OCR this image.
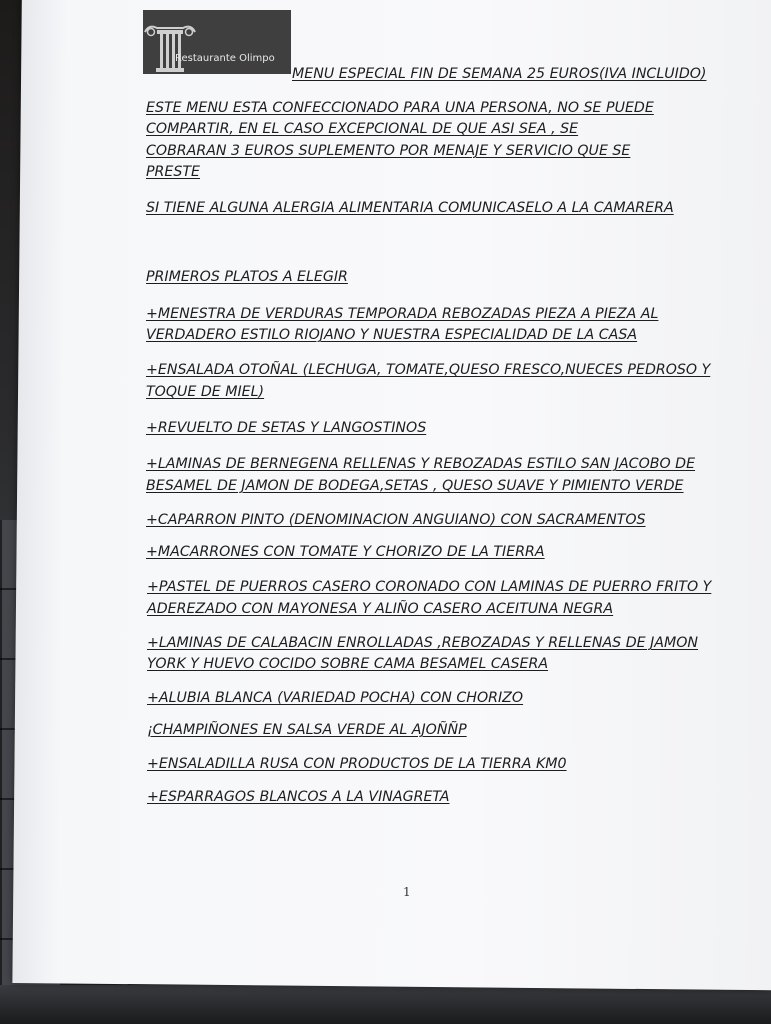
Restaurante Olimpo

MENU ESPECIAL FIN DE SEMANA 25 EUROS(IVA INCLUIDO)

ESTE MENU ESTA CONFECCIONADO PARA UNA PERSONA, NO SE PUEDE

COMPARTIR, EN EL CASO EXCEPCIONAL DE QUE ASI SEA , SE

COBRARAN 3 EUROS SUPLEMENTO POR MENAJE Y SERVICIO QUE SE

PRESTE

SI TIENE ALGUNA ALERGIA ALIMENTARIA COMUNICASELO A LA CAMARERA

PRIMEROS PLATOS A ELEGIR

+MENESTRA DE VERDURAS TEMPORADA REBOZADAS PIEZA A PIEZA AL

VERDADERO ESTILO RIOJANO Y NUESTRA ESPECIALIDAD DE LA CASA

+ENSALADA OTOÑAL (LECHUGA, TOMATE,QUESO FRESCO,NUECES PEDROSO Y

TOQUE DE MIEL)

+REVUELTO DE SETAS Y LANGOSTINOS

+LAMINAS DE BERNEGENA RELLENAS Y REBOZADAS ESTILO SAN JACOBO DE

BESAMEL DE JAMON DE BODEGA,SETAS , QUESO SUAVE Y PIMIENTO VERDE

+CAPARRON PINTO (DENOMINACION ANGUIANO) CON SACRAMENTOS

+MACARRONES CON TOMATE Y CHORIZO DE LA TIERRA

+PASTEL DE PUERROS CASERO CORONADO CON LAMINAS DE PUERRO FRITO Y

ADEREZADO CON MAYONESA Y ALIÑO CASERO ACEITUNA NEGRA

+LAMINAS DE CALABACIN ENROLLADAS ,REBOZADAS Y RELLENAS DE JAMON

YORK Y HUEVO COCIDO SOBRE CAMA BESAMEL CASERA

+ALUBIA BLANCA (VARIEDAD POCHA) CON CHORIZO

¡CHAMPIÑONES EN SALSA VERDE AL AJOÑÑP

+ENSALADILLA RUSA CON PRODUCTOS DE LA TIERRA KM0

+ESPARRAGOS BLANCOS A LA VINAGRETA

1
